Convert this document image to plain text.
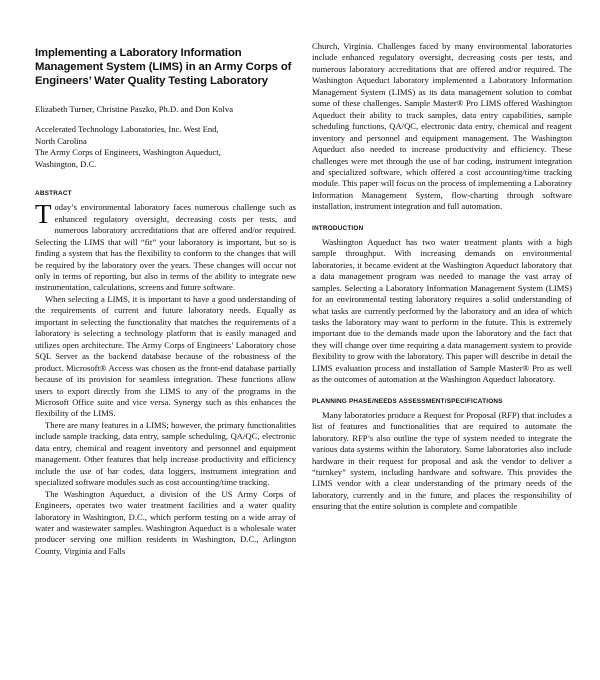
Implementing a Laboratory Information Management System (LIMS) in an Army Corps of Engineers’ Water Quality Testing Laboratory

Elizabeth Turner, Christine Paszko, Ph.D. and Don Kolva

Accelerated Technology Laboratories, Inc. West End,
North Carolina
The Army Corps of Engineers, Washington Aqueduct,
Washington, D.C.

ABSTRACT

Today’s environmental laboratory faces numerous challenge such as enhanced regulatory oversight, decreasing costs per tests, and numerous laboratory accreditations that are offered and/or required. Selecting the LIMS that will “fit” your laboratory is important, but so is finding a system that has the flexibility to conform to the changes that will be required by the laboratory over the years. These changes will occur not only in terms of reporting, but also in terms of the ability to integrate new instrumentation, calculations, screens and future software.

When selecting a LIMS, it is important to have a good understanding of the requirements of current and future laboratory needs. Equally as important in selecting the functionality that matches the requirements of a laboratory is selecting a technology platform that is easily managed and utilizes open architecture. The Army Corps of Engineers’ Laboratory chose SQL Server as the backend database because of the robustness of the product. Microsoft® Access was chosen as the front-end database partially because of its provision for seamless integration. These functions allow users to export directly from the LIMS to any of the programs in the Microsoft Office suite and vice versa. Synergy such as this enhances the flexibility of the LIMS.

There are many features in a LIMS; however, the primary functionalities include sample tracking, data entry, sample scheduling, QA/QC, electronic data entry, chemical and reagent inventory and personnel and equipment management. Other features that help increase productivity and efficiency include the use of bar codes, data loggers, instrument integration and specialized software modules such as cost accounting/time tracking.

The Washington Aqueduct, a division of the US Army Corps of Engineers, operates two water treatment facilities and a water quality laboratory in Washington, D.C., which perform testing on a wide array of water and wastewater samples. Washington Aqueduct is a wholesale water producer serving one million residents in Washington, D.C., Arlington County, Virginia and Falls

Church, Virginia. Challenges faced by many environmental laboratories include enhanced regulatory oversight, decreasing costs per tests, and numerous laboratory accreditations that are offered and/or required. The Washington Aqueduct laboratory implemented a Laboratory Information Management System (LIMS) as its data management solution to combat some of these challenges. Sample Master® Pro LIMS offered Washington Aqueduct their ability to track samples, data entry capabilities, sample scheduling functions, QA/QC, electronic data entry, chemical and reagent inventory and personnel and equipment management. The Washington Aqueduct also needed to increase productivity and efficiency. These challenges were met through the use of bar coding, instrument integration and specialized software, which offered a cost accounting/time tracking module. This paper will focus on the process of implementing a Laboratory Information Management System, flow-charting through software installation, instrument integration and full automation.

INTRODUCTION

Washington Aqueduct has two water treatment plants with a high sample throughput. With increasing demands on environmental laboratories, it became evident at the Washington Aqueduct laboratory that a data management program was needed to manage the vast array of samples. Selecting a Laboratory Information Management System (LIMS) for an environmental testing laboratory requires a solid understanding of what tasks are currently performed by the laboratory and an idea of which tasks the laboratory may want to perform in the future. This is extremely important due to the demands made upon the laboratory and the fact that they will change over time requiring a data management system to provide flexibility to grow with the laboratory. This paper will describe in detail the LIMS evaluation process and installation of Sample Master® Pro as well as the outcomes of automation at the Washington Aqueduct laboratory.

PLANNING PHASE/NEEDS ASSESSMENT/SPECIFICATIONS

Many laboratories produce a Request for Proposal (RFP) that includes a list of features and functionalities that are required to automate the laboratory. RFP’s also outline the type of system needed to integrate the various data systems within the laboratory. Some laboratories also include hardware in their request for proposal and ask the vendor to deliver a “turnkey” system, including hardware and software. This provides the LIMS vendor with a clear understanding of the primary needs of the laboratory, currently and in the future, and places the responsibility of ensuring that the entire solution is complete and compatible
